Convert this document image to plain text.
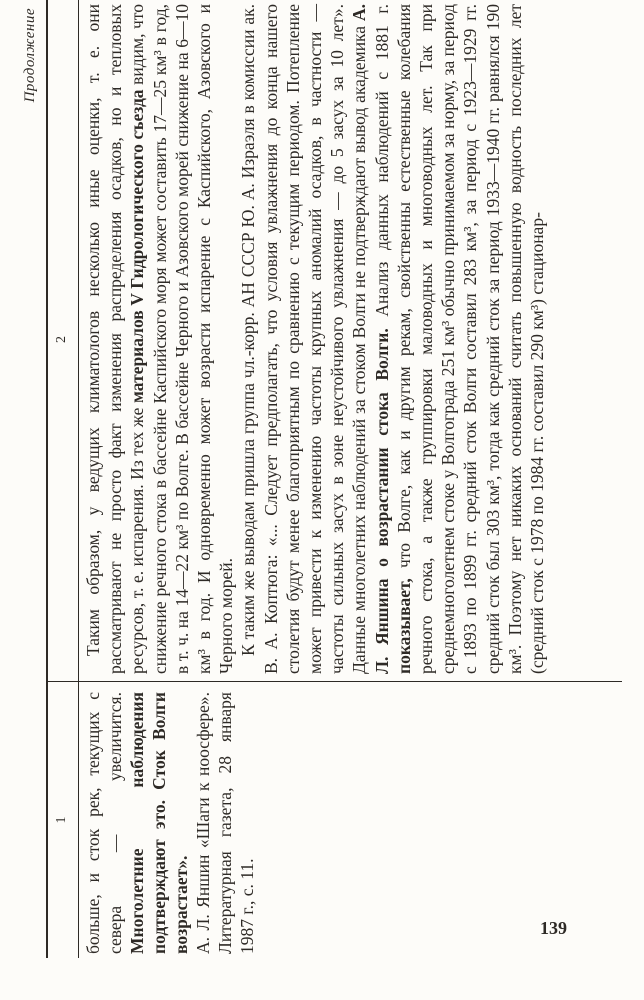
Продолжение
1
2

больше, и сток рек, текущих с севера — увеличится. Многолетние наблюдения подтверждают это. Сток Волги возрастает». А. Л. Яншин «Шаги к ноосфере». Литературная газета, 28 января 1987 г., с. 11.

Таким образом, у ведущих климатологов несколько иные оценки, т. е. они рассматривают не просто факт изменения распределения осадков, но и тепловых ресурсов, т. е. испарения. Из тех же материалов V Гидрологического съезда видим, что снижение речного стока в бассейне Каспийского моря может составить 17—25 км³ в год, в т. ч. на 14—22 км³ по Волге. В бассейне Черного и Азовского морей снижение на 6—10 км³ в год. И одновременно может возрасти испарение с Каспийского, Азовского и Черного морей. К таким же выводам пришла группа чл.-корр. АН СССР Ю. А. Израэля в комиссии ак. В. А. Коптюга: «... Следует предполагать, что условия увлажнения до конца нашего столетия будут менее благоприятным по сравнению с текущим периодом. Потепление может привести к изменению частоты крупных аномалий осадков, в частности — частоты сильных засух в зоне неустойчивого увлажнения — до 5 засух за 10 лет». Данные многолетних наблюдений за стоком Волги не подтверждают вывод академика А. Л. Яншина о возрастании стока Волги. Анализ данных наблюдений с 1881 г. показывает, что Волге, как и другим рекам, свойственны естественные колебания речного стока, а также группировки маловодных и многоводных лет. Так при среднемноголетнем стоке у Волгограда 251 км³ обычно принимаемом за норму, за период с 1893 по 1899 гг. средний сток Волги составил 283 км³, за период с 1923—1929 гг. средний сток был 303 км³, тогда как средний сток за период 1933—1940 гг. равнялся 190 км³. Поэтому нет никаких оснований считать повышенную водность последних лет (средний сток с 1978 по 1984 гг. составил 290 км³) стационар-

139
